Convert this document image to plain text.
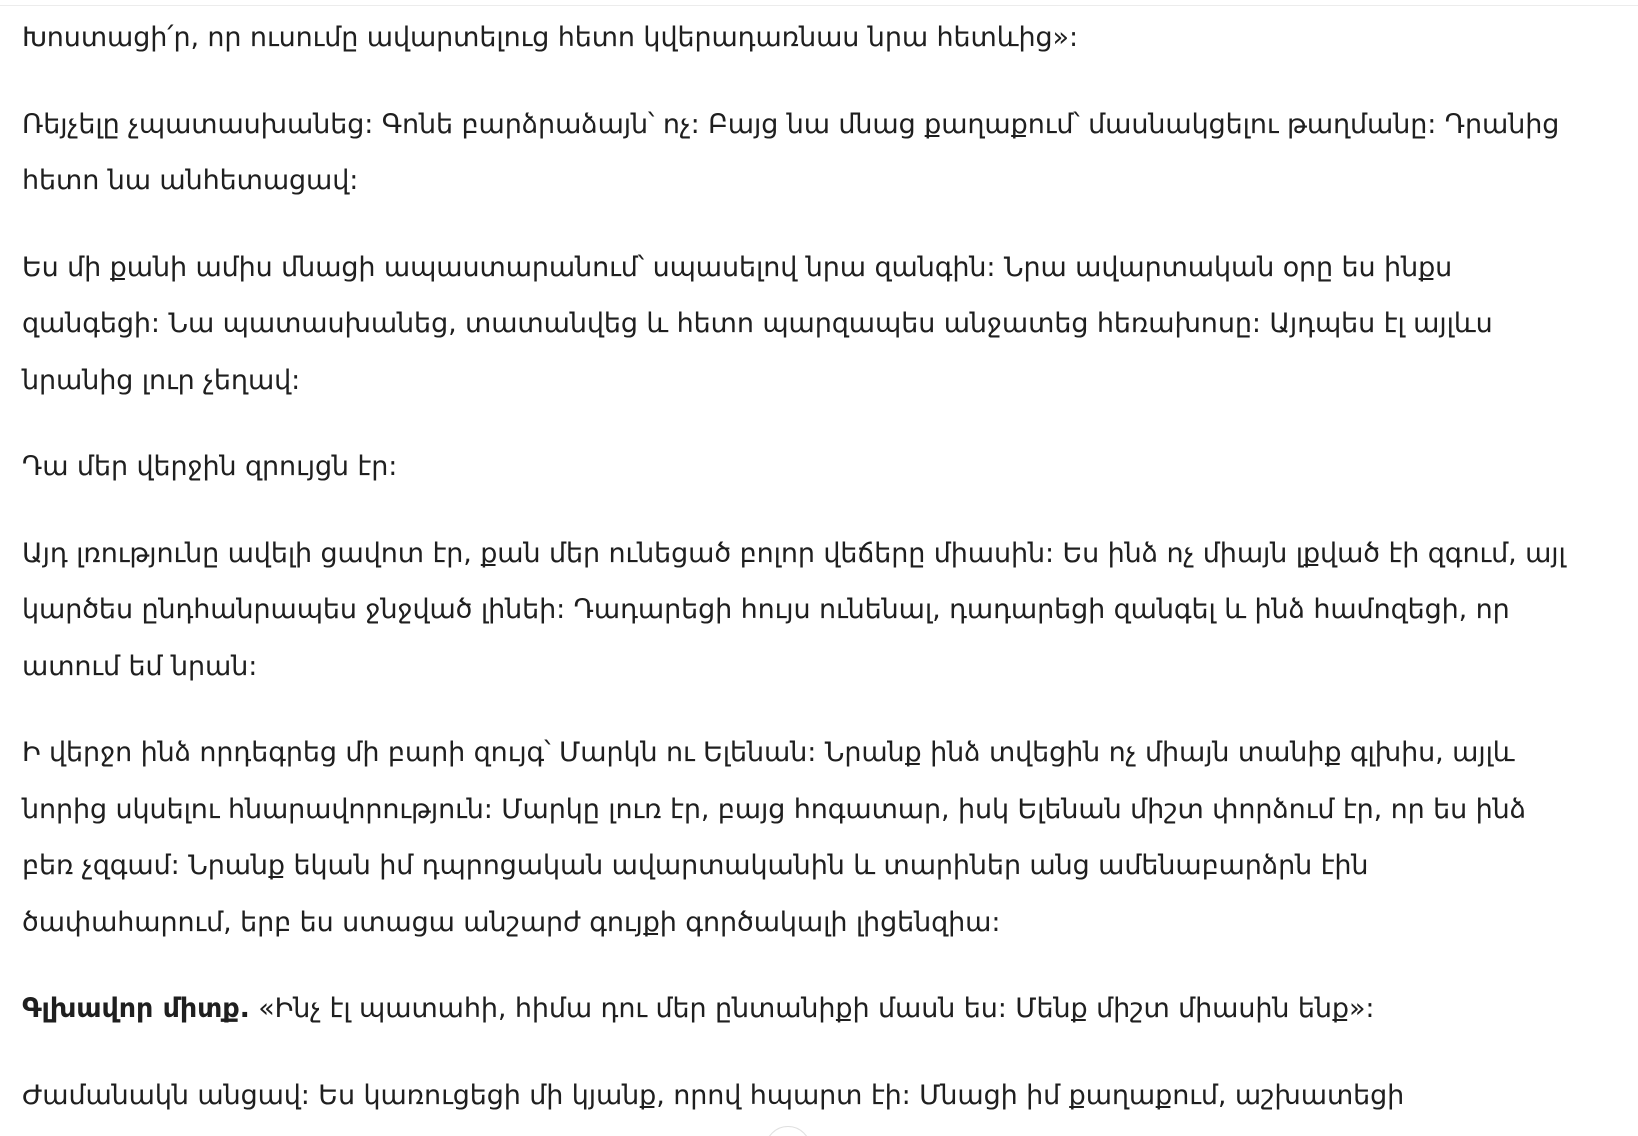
Խոստացի՛ր, որ ուսումը ավարտելուց հետո կվերադառնաս նրա հետևից»:

Ռեյչելը չպատասխանեց: Գոնե բարձրաձայն՝ ոչ: Բայց նա մնաց քաղաքում՝ մասնակցելու թաղմանը: Դրանից հետո նա անհետացավ:

Ես մի քանի ամիս մնացի ապաստարանում՝ սպասելով նրա զանգին: Նրա ավարտական օրը ես ինքս զանգեցի: Նա պատասխանեց, տատանվեց և հետո պարզապես անջատեց հեռախոսը: Այդպես էլ այլևս նրանից լուր չեղավ:

Դա մեր վերջին զրույցն էր:

Այդ լռությունը ավելի ցավոտ էր, քան մեր ունեցած բոլոր վեճերը միասին: Ես ինձ ոչ միայն լքված էի զգում, այլ կարծես ընդհանրապես ջնջված լինեի: Դադարեցի հույս ունենալ, դադարեցի զանգել և ինձ համոզեցի, որ ատում եմ նրան:

Ի վերջո ինձ որդեգրեց մի բարի զույգ՝ Մարկն ու Ելենան: Նրանք ինձ տվեցին ոչ միայն տանիք գլխիս, այլև նորից սկսելու հնարավորություն: Մարկը լուռ էր, բայց հոգատար, իսկ Ելենան միշտ փորձում էր, որ ես ինձ բեռ չզգամ: Նրանք եկան իմ դպրոցական ավարտականին և տարիներ անց ամենաբարձրն էին ծափահարում, երբ ես ստացա անշարժ գույքի գործակալի լիցենզիա:

Գլխավոր միտք. «Ինչ էլ պատահի, հիմա դու մեր ընտանիքի մասն ես: Մենք միշտ միասին ենք»:

Ժամանակն անցավ: Ես կառուցեցի մի կյանք, որով հպարտ էի: Մնացի իմ քաղաքում, աշխատեցի
